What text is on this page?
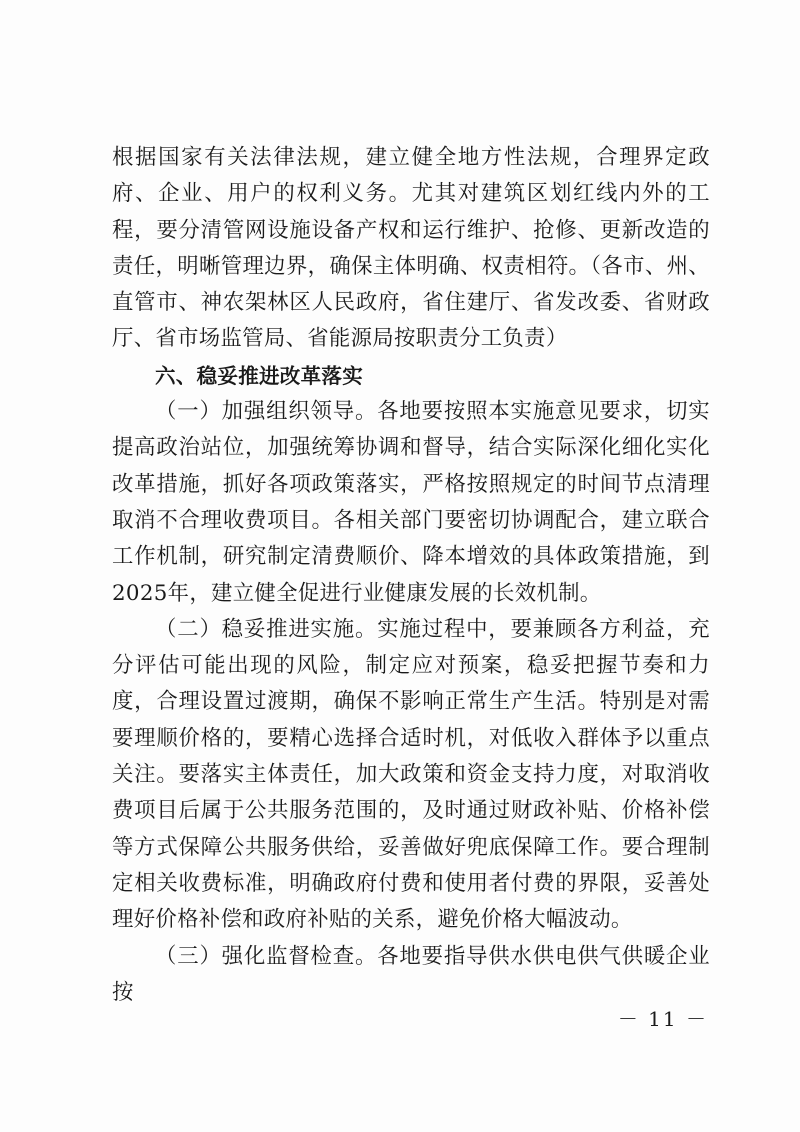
根据国家有关法律法规，建立健全地方性法规，合理界定政府、企业、用户的权利义务。尤其对建筑区划红线内外的工程，要分清管网设施设备产权和运行维护、抢修、更新改造的责任，明晰管理边界，确保主体明确、权责相符。（各市、州、直管市、神农架林区人民政府，省住建厅、省发改委、省财政厅、省市场监管局、省能源局按职责分工负责）

六、稳妥推进改革落实

（一）加强组织领导。各地要按照本实施意见要求，切实提高政治站位，加强统筹协调和督导，结合实际深化细化实化改革措施，抓好各项政策落实，严格按照规定的时间节点清理取消不合理收费项目。各相关部门要密切协调配合，建立联合工作机制，研究制定清费顺价、降本增效的具体政策措施，到2025年，建立健全促进行业健康发展的长效机制。

（二）稳妥推进实施。实施过程中，要兼顾各方利益，充分评估可能出现的风险，制定应对预案，稳妥把握节奏和力度，合理设置过渡期，确保不影响正常生产生活。特别是对需要理顺价格的，要精心选择合适时机，对低收入群体予以重点关注。要落实主体责任，加大政策和资金支持力度，对取消收费项目后属于公共服务范围的，及时通过财政补贴、价格补偿等方式保障公共服务供给，妥善做好兜底保障工作。要合理制定相关收费标准，明确政府付费和使用者付费的界限，妥善处理好价格补偿和政府补贴的关系，避免价格大幅波动。

（三）强化监督检查。各地要指导供水供电供气供暖企业按

－ 11 －
